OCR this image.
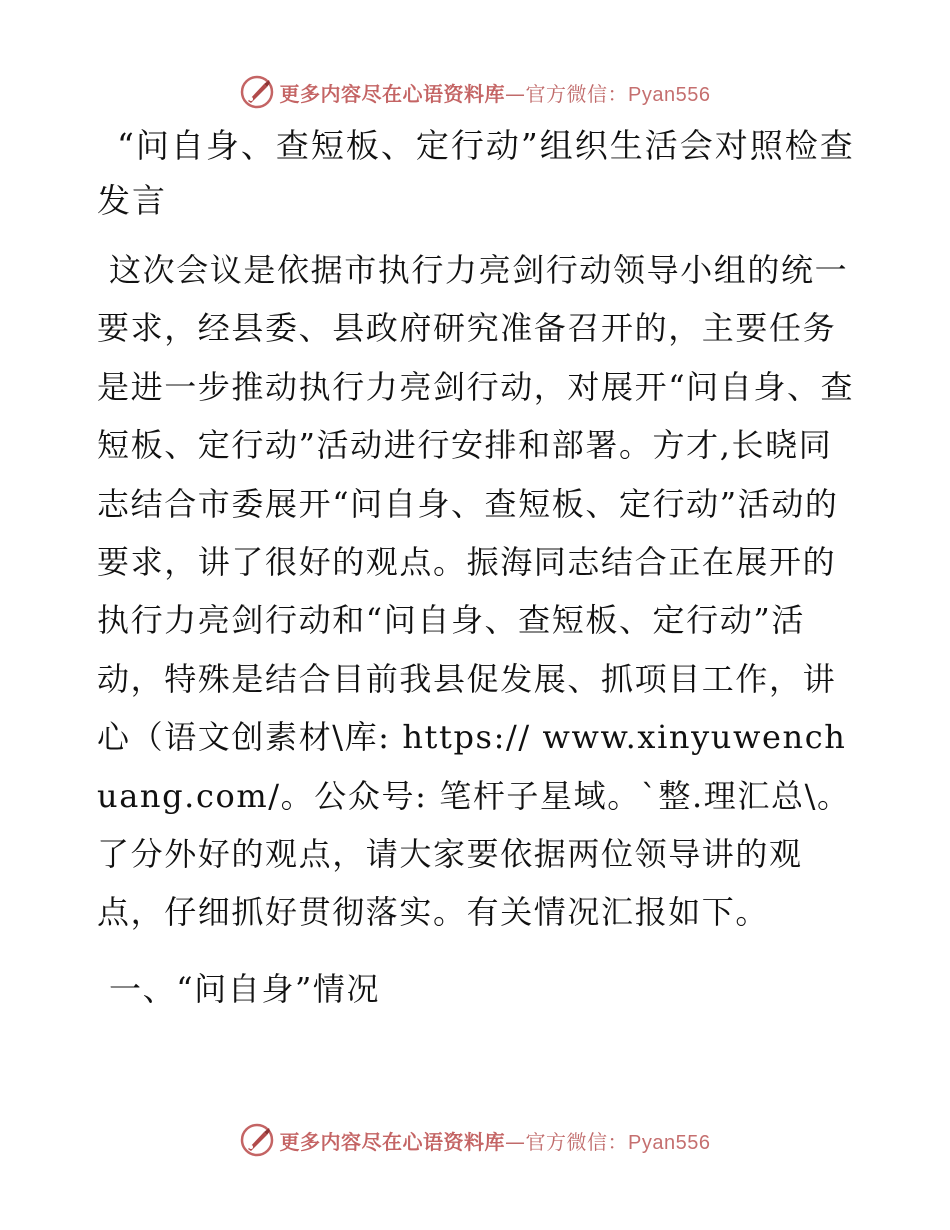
更多内容尽在心语资料库—官方微信：Pyan556
“问自身、查短板、定行动”组织生活会对照检查发言

这次会议是依据市执行力亮剑行动领导小组的统一要求，经县委、县政府研究准备召开的，主要任务是进一步推动执行力亮剑行动，对展开“问自身、查短板、定行动”活动进行安排和部署。方才,长晓同志结合市委展开“问自身、查短板、定行动”活动的要求，讲了很好的观点。振海同志结合正在展开的执行力亮剑行动和“问自身、查短板、定行动”活动，特殊是结合目前我县促发展、抓项目工作，讲心（语文创素材\库: https:// www.xinyuwenchuang.com/。公众号: 笔杆子星域。`整.理汇总\。了分外好的观点，请大家要依据两位领导讲的观点，仔细抓好贯彻落实。有关情况汇报如下。

一、“问自身”情况
更多内容尽在心语资料库—官方微信：Pyan556
